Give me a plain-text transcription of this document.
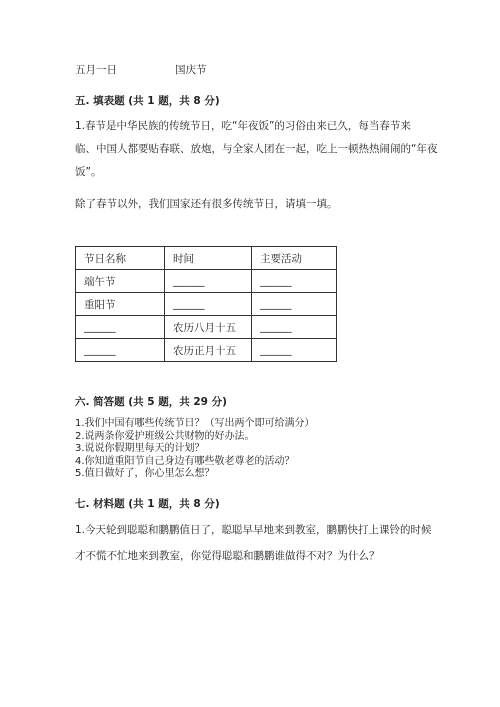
五月一日	国庆节
五. 填表题 (共 1 题，共 8 分)
1.春节是中华民族的传统节日，吃“年夜饭”的习俗由来已久，每当春节来
临、中国人都要贴春联、放炮，与全家人团在一起，吃上一顿热热闹闹的“年夜
饭”。
除了春节以外，我们国家还有很多传统节日，请填一填。
节日名称	时间	主要活动
端午节	______	______
重阳节	______	______
______	农历八月十五	______
______	农历正月十五	______
六. 简答题 (共 5 题，共 29 分)
1.我们中国有哪些传统节日？（写出两个即可给满分）
2.说两条你爱护班级公共财物的好办法。
3.说说你假期里每天的计划？
4.你知道重阳节自己身边有哪些敬老尊老的活动？
5.值日做好了，你心里怎么想？
七. 材料题 (共 1 题，共 8 分)
1.今天轮到聪聪和鹏鹏值日了，聪聪早早地来到教室，鹏鹏快打上课铃的时候
才不慌不忙地来到教室，你觉得聪聪和鹏鹏谁做得不对？为什么？
